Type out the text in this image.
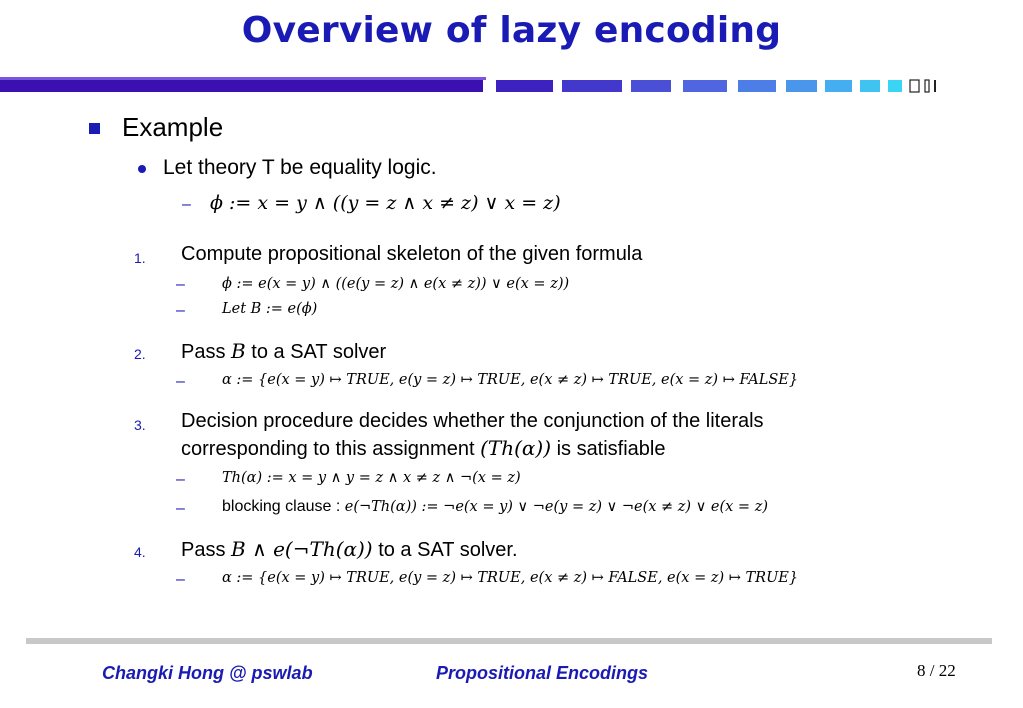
Overview of lazy encoding
Example
Let theory T be equality logic.
– ϕ := x = y ∧ ((y = z ∧ x ≠ z) ∨ x = z)
1. Compute propositional skeleton of the given formula
–	ϕ := e(x = y) ∧ ((e(y = z) ∧ e(x ≠ z)) ∨ e(x = z))
–	Let B := e(ϕ)
2. Pass B to a SAT solver
–	α := {e(x = y) ↦ TRUE, e(y = z) ↦ TRUE, e(x ≠ z) ↦ TRUE, e(x = z) ↦ FALSE}
3. Decision procedure decides whether the conjunction of the literals
corresponding to this assignment (Th(α)) is satisfiable
–	Th(α) := x = y ∧ y = z ∧ x ≠ z ∧ ¬(x = z)
– blocking clause : e(¬Th(α)) := ¬e(x = y) ∨ ¬e(y = z) ∨ ¬e(x ≠ z) ∨ e(x = z)
4. Pass B ∧ e(¬Th(α)) to a SAT solver.
–	α := {e(x = y) ↦ TRUE, e(y = z) ↦ TRUE, e(x ≠ z) ↦ FALSE, e(x = z) ↦ TRUE}
Changki Hong @ pswlab	Propositional Encodings	8 / 22
